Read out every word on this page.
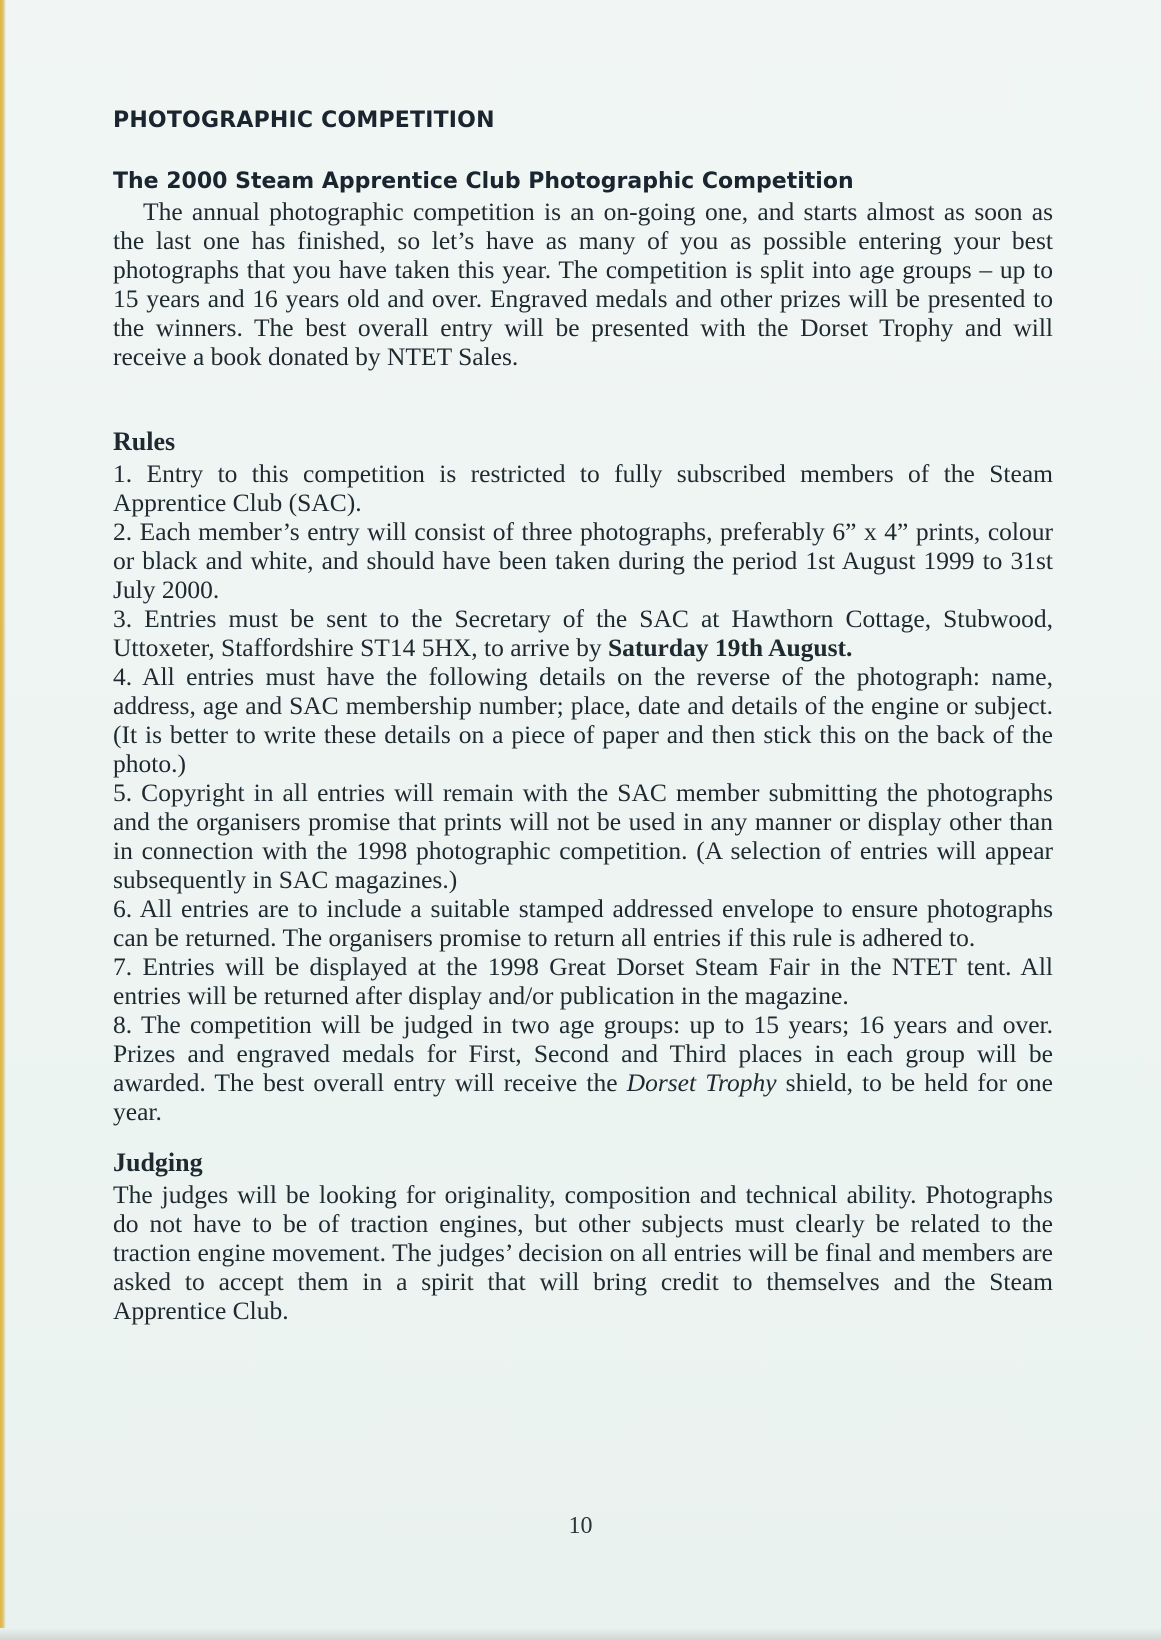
PHOTOGRAPHIC COMPETITION
The 2000 Steam Apprentice Club Photographic Competition

The annual photographic competition is an on-going one, and starts almost as soon as the last one has finished, so let’s have as many of you as possible entering your best photographs that you have taken this year. The competition is split into age groups – up to 15 years and 16 years old and over. Engraved medals and other prizes will be presented to the winners. The best overall entry will be presented with the Dorset Trophy and will receive a book donated by NTET Sales.

Rules

1. Entry to this competition is restricted to fully subscribed members of the Steam Apprentice Club (SAC).

2. Each member’s entry will consist of three photographs, preferably 6” x 4” prints, colour or black and white, and should have been taken during the period 1st August 1999 to 31st July 2000.

3. Entries must be sent to the Secretary of the SAC at Hawthorn Cottage, Stubwood, Uttoxeter, Staffordshire ST14 5HX, to arrive by Saturday 19th August.

4. All entries must have the following details on the reverse of the photograph: name, address, age and SAC membership number; place, date and details of the engine or subject. (It is better to write these details on a piece of paper and then stick this on the back of the photo.)

5. Copyright in all entries will remain with the SAC member submitting the photographs and the organisers promise that prints will not be used in any manner or display other than in connection with the 1998 photographic competition. (A selection of entries will appear subsequently in SAC magazines.)

6. All entries are to include a suitable stamped addressed envelope to ensure photographs can be returned. The organisers promise to return all entries if this rule is adhered to.

7. Entries will be displayed at the 1998 Great Dorset Steam Fair in the NTET tent. All entries will be returned after display and/or publication in the magazine.

8. The competition will be judged in two age groups: up to 15 years; 16 years and over. Prizes and engraved medals for First, Second and Third places in each group will be awarded. The best overall entry will receive the Dorset Trophy shield, to be held for one year.

Judging

The judges will be looking for originality, composition and technical ability. Photographs do not have to be of traction engines, but other subjects must clearly be related to the traction engine movement. The judges’ decision on all entries will be final and members are asked to accept them in a spirit that will bring credit to themselves and the Steam Apprentice Club.

10
